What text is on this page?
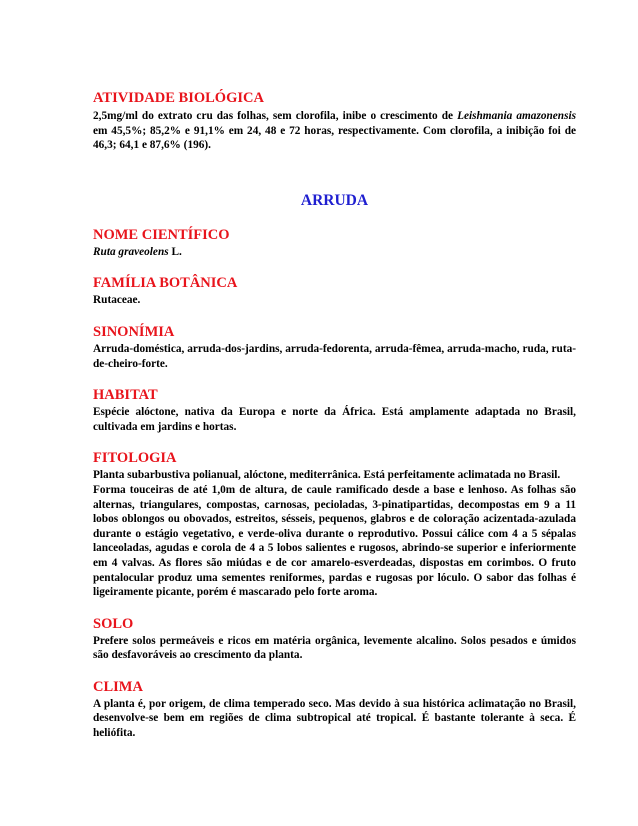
ATIVIDADE BIOLÓGICA

2,5mg/ml do extrato cru das folhas, sem clorofila, inibe o crescimento de Leishmania amazonensis em 45,5%; 85,2% e 91,1% em 24, 48 e 72 horas, respectivamente. Com clorofila, a inibição foi de 46,3; 64,1 e 87,6% (196).

ARRUDA
NOME CIENTÍFICO

Ruta graveolens L.

FAMÍLIA BOTÂNICA

Rutaceae.

SINONÍMIA

Arruda-doméstica, arruda-dos-jardins, arruda-fedorenta, arruda-fêmea, arruda-macho, ruda, ruta-de-cheiro-forte.

HABITAT

Espécie alóctone, nativa da Europa e norte da África. Está amplamente adaptada no Brasil, cultivada em jardins e hortas.

FITOLOGIA

Planta subarbustiva polianual, alóctone, mediterrânica. Está perfeitamente aclimatada no Brasil.

Forma touceiras de até 1,0m de altura, de caule ramificado desde a base e lenhoso. As folhas são alternas, triangulares, compostas, carnosas, pecioladas, 3-pinatipartidas, decompostas em 9 a 11 lobos oblongos ou obovados, estreitos, sésseis, pequenos, glabros e de coloração acizentada-azulada durante o estágio vegetativo, e verde-oliva durante o reprodutivo. Possui cálice com 4 a 5 sépalas lanceoladas, agudas e corola de 4 a 5 lobos salientes e rugosos, abrindo-se superior e inferiormente em 4 valvas. As flores são miúdas e de cor amarelo-esverdeadas, dispostas em corimbos. O fruto pentalocular produz uma sementes reniformes, pardas e rugosas por lóculo. O sabor das folhas é ligeiramente picante, porém é mascarado pelo forte aroma.

SOLO

Prefere solos permeáveis e ricos em matéria orgânica, levemente alcalino. Solos pesados e úmidos são desfavoráveis ao crescimento da planta.

CLIMA

A planta é, por origem, de clima temperado seco. Mas devido à sua histórica aclimatação no Brasil, desenvolve-se bem em regiões de clima subtropical até tropical. É bastante tolerante à seca. É heliófita.
